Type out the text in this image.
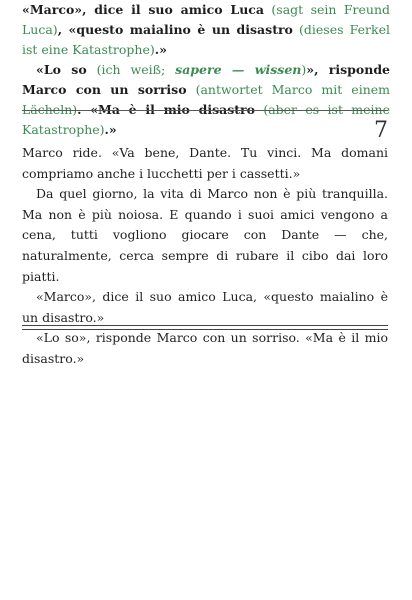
«Marco», dice il suo amico Luca (sagt sein Freund Luca), «questo maialino è un disastro (dieses Ferkel ist eine Katastrophe).»

«Lo so (ich weiß; sapere — wissen)», risponde Marco con un sorriso (antwortet Marco mit einem Lächeln). «Ma è il mio disastro (aber es ist meine Katastrophe).»	7

Marco ride. «Va bene, Dante. Tu vinci. Ma domani compriamo anche i lucchetti per i cassetti.»

Da quel giorno, la vita di Marco non è più tranquilla. Ma non è più noiosa. E quando i suoi amici vengono a cena, tutti vogliono giocare con Dante — che, naturalmente, cerca sempre di rubare il cibo dai loro piatti.

«Marco», dice il suo amico Luca, «questo maialino è un disastro.»

«Lo so», risponde Marco con un sorriso. «Ma è il mio disastro.»
